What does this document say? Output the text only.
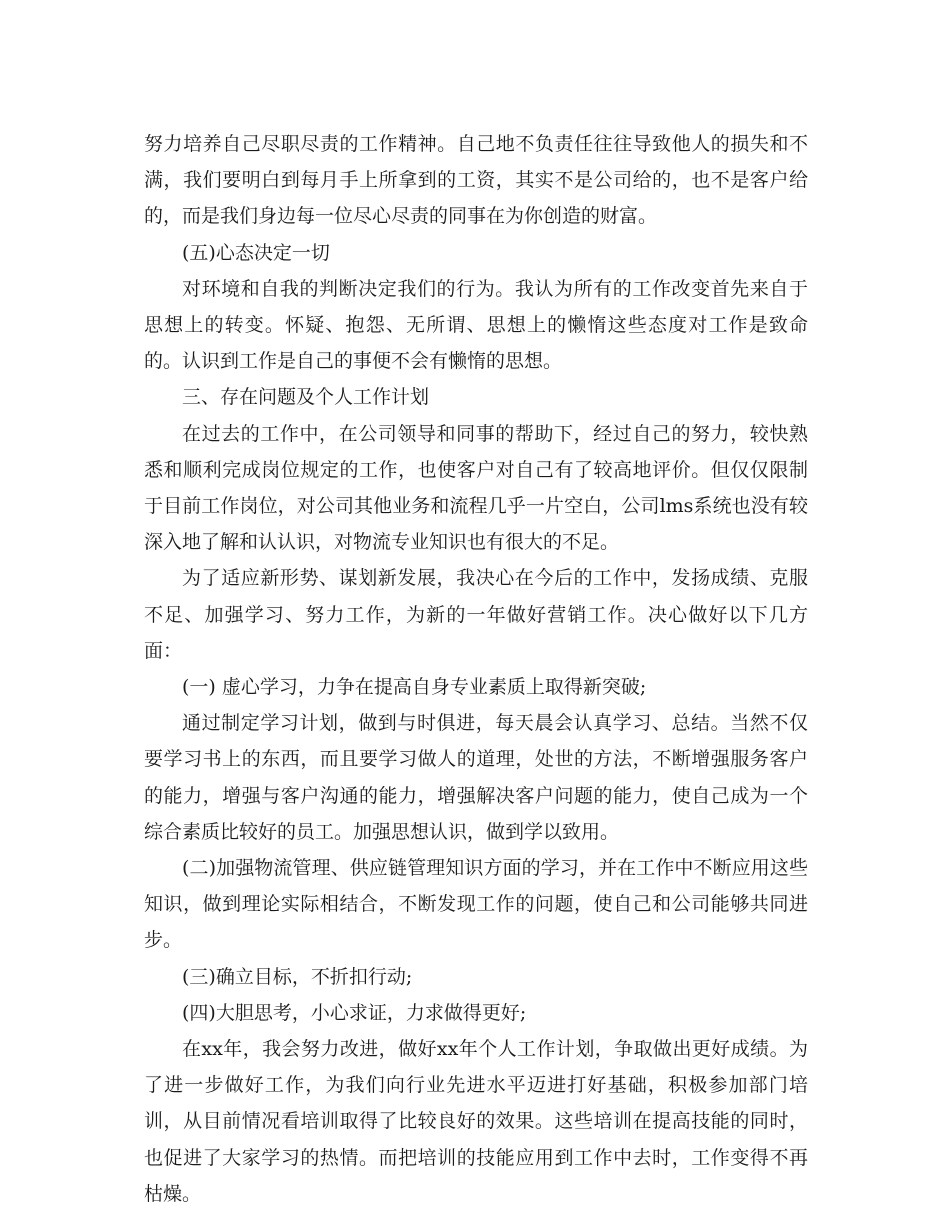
努力培养自己尽职尽责的工作精神。自己地不负责任往往导致他人的损失和不满，我们要明白到每月手上所拿到的工资，其实不是公司给的，也不是客户给的，而是我们身边每一位尽心尽责的同事在为你创造的财富。

(五)心态决定一切

对环境和自我的判断决定我们的行为。我认为所有的工作改变首先来自于思想上的转变。怀疑、抱怨、无所谓、思想上的懒惰这些态度对工作是致命的。认识到工作是自己的事便不会有懒惰的思想。

三、存在问题及个人工作计划

在过去的工作中，在公司领导和同事的帮助下，经过自己的努力，较快熟悉和顺利完成岗位规定的工作，也使客户对自己有了较高地评价。但仅仅限制于目前工作岗位，对公司其他业务和流程几乎一片空白，公司lms系统也没有较深入地了解和认认识，对物流专业知识也有很大的不足。

为了适应新形势、谋划新发展，我决心在今后的工作中，发扬成绩、克服不足、加强学习、努力工作，为新的一年做好营销工作。决心做好以下几方面：

(一) 虚心学习，力争在提高自身专业素质上取得新突破;

通过制定学习计划，做到与时俱进，每天晨会认真学习、总结。当然不仅要学习书上的东西，而且要学习做人的道理，处世的方法，不断增强服务客户的能力，增强与客户沟通的能力，增强解决客户问题的能力，使自己成为一个综合素质比较好的员工。加强思想认识，做到学以致用。

(二)加强物流管理、供应链管理知识方面的学习，并在工作中不断应用这些知识，做到理论实际相结合，不断发现工作的问题，使自己和公司能够共同进步。

(三)确立目标，不折扣行动;

(四)大胆思考，小心求证，力求做得更好;

在xx年，我会努力改进，做好xx年个人工作计划，争取做出更好成绩。为了进一步做好工作，为我们向行业先进水平迈进打好基础，积极参加部门培训，从目前情况看培训取得了比较良好的效果。这些培训在提高技能的同时，也促进了大家学习的热情。而把培训的技能应用到工作中去时，工作变得不再枯燥。
